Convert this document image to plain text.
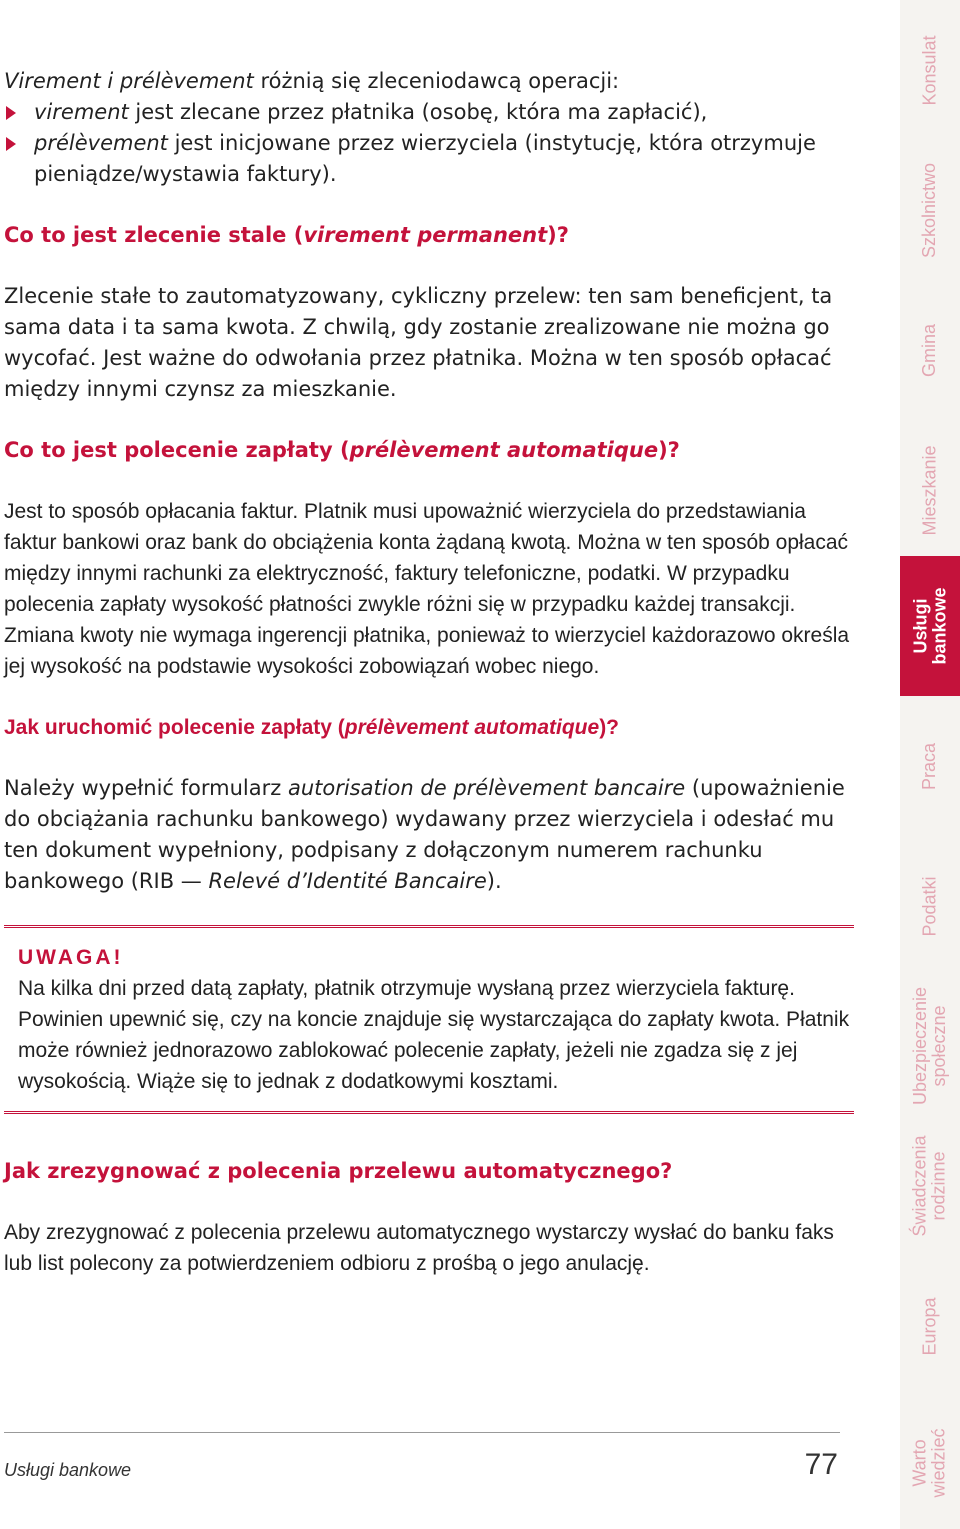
Virement i prélèvement różnią się zleceniodawcą operacji:

virement jest zlecane przez płatnika (osobę, która ma zapłacić),
prélèvement jest inicjowane przez wierzyciela (instytucję, która otrzymuje pieniądze/wystawia faktury).

Co to jest zlecenie stale (virement permanent)?

Zlecenie stałe to zautomatyzowany, cykliczny przelew: ten sam beneficjent, ta sama data i ta sama kwota. Z chwilą, gdy zostanie zrealizowane nie można go wycofać. Jest ważne do odwołania przez płatnika. Można w ten sposób opłacać między innymi czynsz za mieszkanie.

Co to jest polecenie zapłaty (prélèvement automatique)?

Jest to sposób opłacania faktur. Platnik musi upoważnić wierzyciela do przedstawiania faktur bankowi oraz bank do obciążenia konta żądaną kwotą. Można w ten sposób opłacać między innymi rachunki za elektryczność, faktury telefoniczne, podatki. W przypadku polecenia zapłaty wysokość płatności zwykle różni się w przypadku każdej transakcji. Zmiana kwoty nie wymaga ingerencji płatnika, ponieważ to wierzyciel każdorazowo określa jej wysokość na podstawie wysokości zobowiązań wobec niego.

Jak uruchomić polecenie zapłaty (prélèvement automatique)?

Należy wypełnić formularz autorisation de prélèvement bancaire (upoważnienie do obciążania rachunku bankowego) wydawany przez wierzyciela i odesłać mu ten dokument wypełniony, podpisany z dołączonym numerem rachunku bankowego (RIB — Relevé d’Identité Bancaire).

UWAGA!
Na kilka dni przed datą zapłaty, płatnik otrzymuje wysłaną przez wierzyciela fakturę. Powinien upewnić się, czy na koncie znajduje się wystarczająca do zapłaty kwota. Płatnik może również jednorazowo zablokować polecenie zapłaty, jeżeli nie zgadza się z jej wysokością. Wiąże się to jednak z dodatkowymi kosztami.

Jak zrezygnować z polecenia przelewu automatycznego?

Aby zrezygnować z polecenia przelewu automatycznego wystarczy wysłać do banku faks lub list polecony za potwierdzeniem odbioru z prośbą o jego anulację.

Usługi bankowe	77
Konsulat
Szkolnictwo
Gmina
Mieszkanie
Usługi bankowe
Praca
Podatki
Ubezpieczenie społeczne
Świadczenia rodzinne
Europa
Warto wiedzieć
